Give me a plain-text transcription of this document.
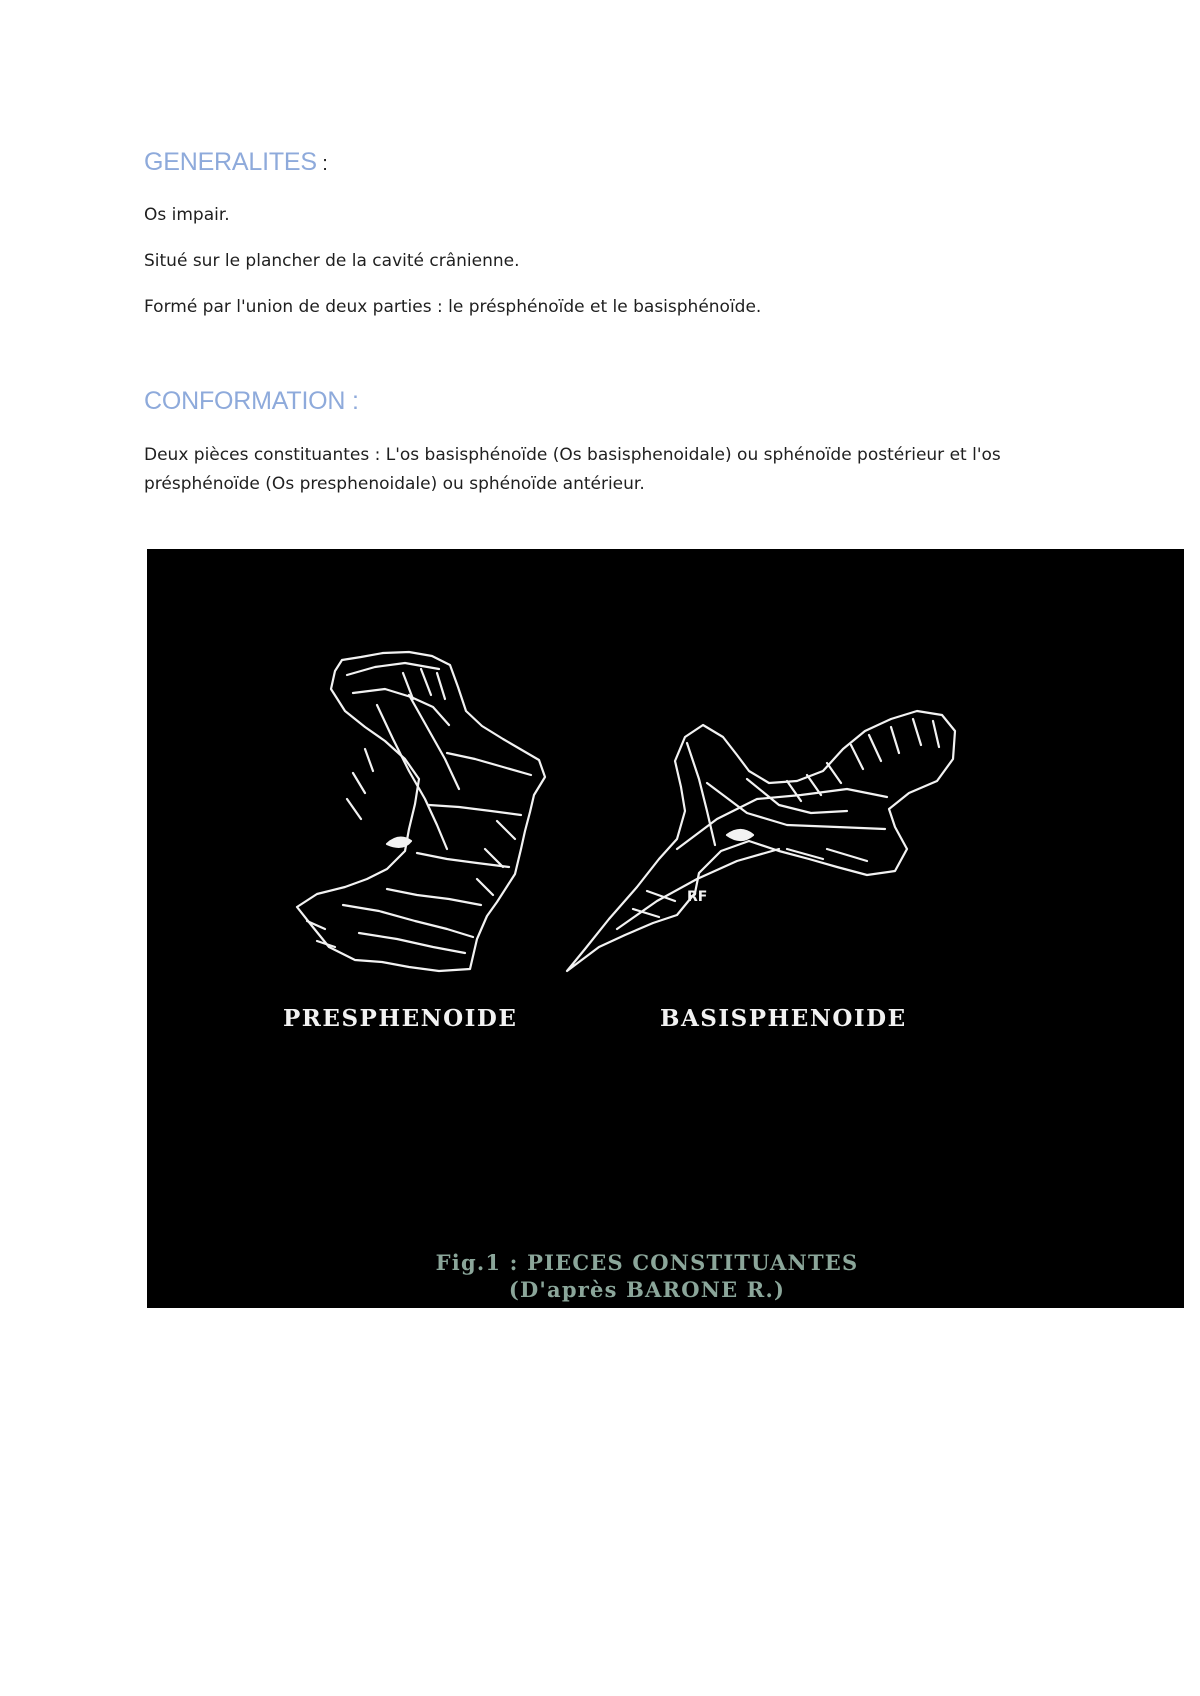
GENERALITES :

Os impair.

Situé sur le plancher de la cavité crânienne.

Formé par l'union de deux parties : le présphénoïde et le basisphénoïde.

CONFORMATION :

Deux pièces constituantes : L'os basisphénoïde (Os basisphenoidale) ou sphénoïde postérieur et l'os présphénoïde (Os presphenoidale) ou sphénoïde antérieur.

RF
PRESPHENOIDE	BASISPHENOIDE
Fig.1 : PIECES CONSTITUANTES
(D'après BARONE R.)
